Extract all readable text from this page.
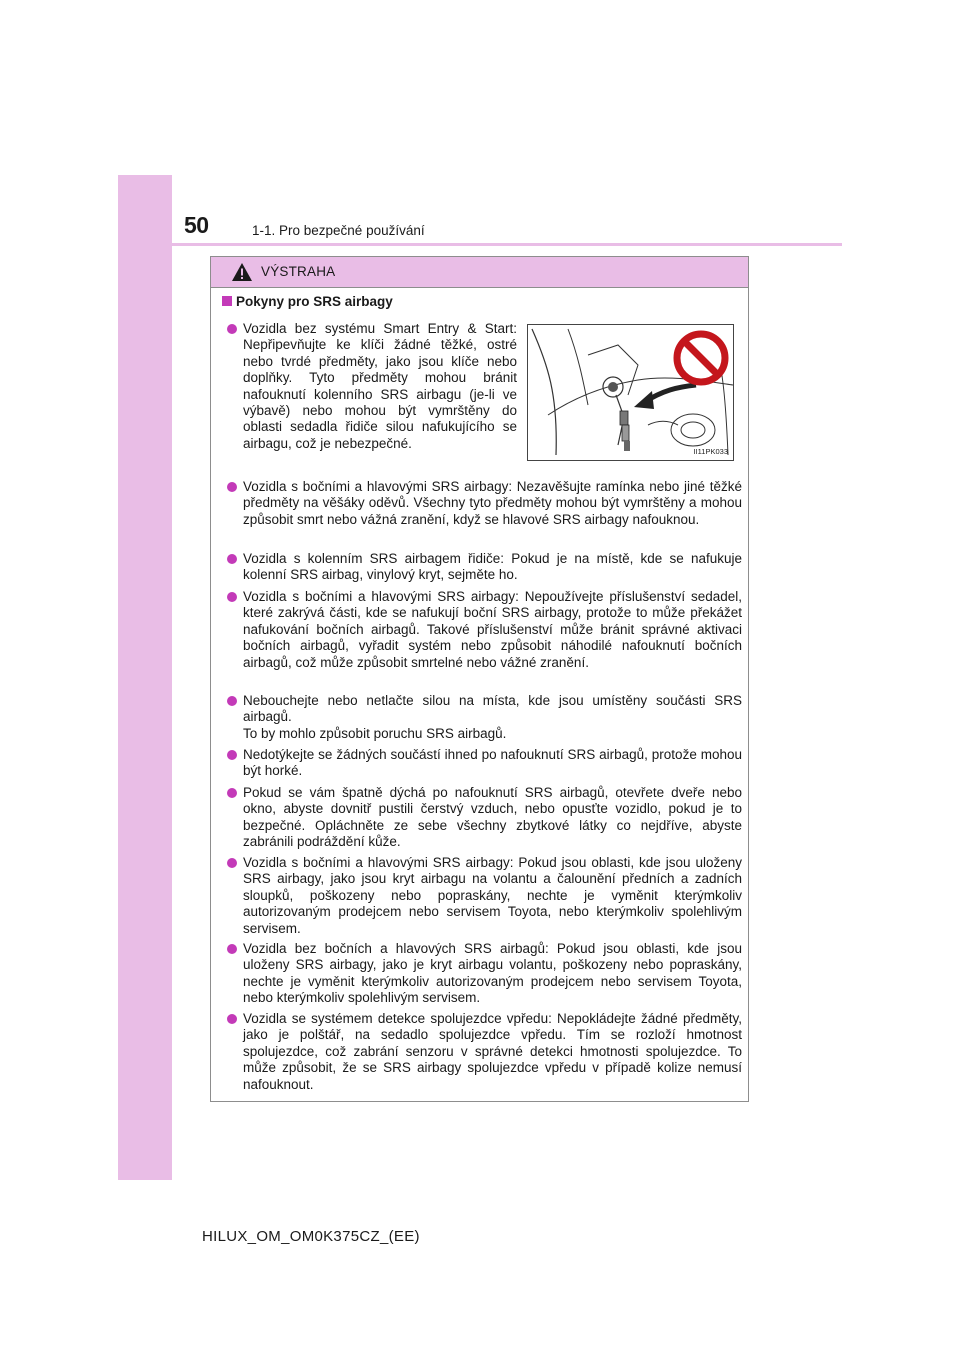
50	1-1. Pro bezpečné používání
VÝSTRAHA
Pokyny pro SRS airbagy
Vozidla bez systému Smart Entry & Start: Nepřipevňujte ke klíči žádné těžké, ostré nebo tvrdé předměty, jako jsou klíče nebo doplňky. Tyto předměty mohou bránit nafouknutí kolenního SRS airbagu (je-li ve výbavě) nebo mohou být vymrštěny do oblasti sedadla řidiče silou nafukujícího se airbagu, což je nebezpečné.
II11PK033
Vozidla s bočními a hlavovými SRS airbagy: Nezavěšujte ramínka nebo jiné těžké předměty na věšáky oděvů. Všechny tyto předměty mohou být vymrštěny a mohou způsobit smrt nebo vážná zranění, když se hlavové SRS airbagy nafouknou.
Vozidla s kolenním SRS airbagem řidiče: Pokud je na místě, kde se nafukuje kolenní SRS airbag, vinylový kryt, sejměte ho.
Vozidla s bočními a hlavovými SRS airbagy: Nepoužívejte příslušenství sedadel, které zakrývá části, kde se nafukují boční SRS airbagy, protože to může překážet nafukování bočních airbagů. Takové příslušenství může bránit správné aktivaci bočních airbagů, vyřadit systém nebo způsobit náhodilé nafouknutí bočních airbagů, což může způsobit smrtelné nebo vážné zranění.
Nebouchejte nebo netlačte silou na místa, kde jsou umístěny součásti SRS airbagů.
To by mohlo způsobit poruchu SRS airbagů.
Nedotýkejte se žádných součástí ihned po nafouknutí SRS airbagů, protože mohou být horké.
Pokud se vám špatně dýchá po nafouknutí SRS airbagů, otevřete dveře nebo okno, abyste dovnitř pustili čerstvý vzduch, nebo opusťte vozidlo, pokud je to bezpečné. Opláchněte ze sebe všechny zbytkové látky co nejdříve, abyste zabránili podráždění kůže.
Vozidla s bočními a hlavovými SRS airbagy: Pokud jsou oblasti, kde jsou uloženy SRS airbagy, jako jsou kryt airbagu na volantu a čalounění předních a zadních sloupků, poškozeny nebo popraskány, nechte je vyměnit kterýmkoliv autorizovaným prodejcem nebo servisem Toyota, nebo kterýmkoliv spolehlivým servisem.
Vozidla bez bočních a hlavových SRS airbagů: Pokud jsou oblasti, kde jsou uloženy SRS airbagy, jako je kryt airbagu volantu, poškozeny nebo popraskány, nechte je vyměnit kterýmkoliv autorizovaným prodejcem nebo servisem Toyota, nebo kterýmkoliv spolehlivým servisem.
Vozidla se systémem detekce spolujezdce vpředu: Nepokládejte žádné předměty, jako je polštář, na sedadlo spolujezdce vpředu. Tím se rozloží hmotnost spolujezdce, což zabrání senzoru v správné detekci hmotnosti spolujezdce. To může způsobit, že se SRS airbagy spolujezdce vpředu v případě kolize nemusí nafouknout.
HILUX_OM_OM0K375CZ_(EE)
